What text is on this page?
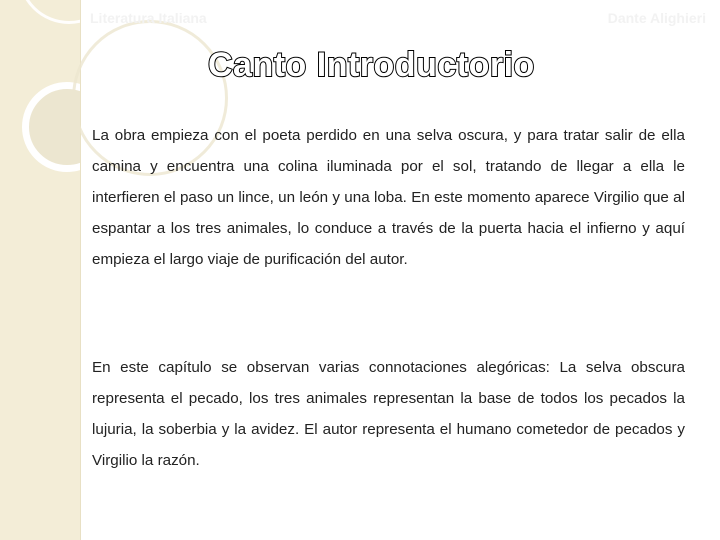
Literatura Italiana	Dante Alighieri
Canto Introductorio

La obra empieza con el poeta perdido en una selva oscura, y para tratar salir de ella camina y encuentra una colina iluminada por el sol, tratando de llegar a ella le interfieren el paso un lince, un león y una loba. En este momento aparece Virgilio que al espantar a los tres animales, lo conduce a través de la puerta hacia el infierno y aquí empieza el largo viaje de purificación del autor.

En este capítulo se observan varias connotaciones alegóricas: La selva obscura representa el pecado, los tres animales representan la base de todos los pecados la lujuria, la soberbia y la avidez. El autor representa el humano cometedor de pecados y Virgilio la razón.
